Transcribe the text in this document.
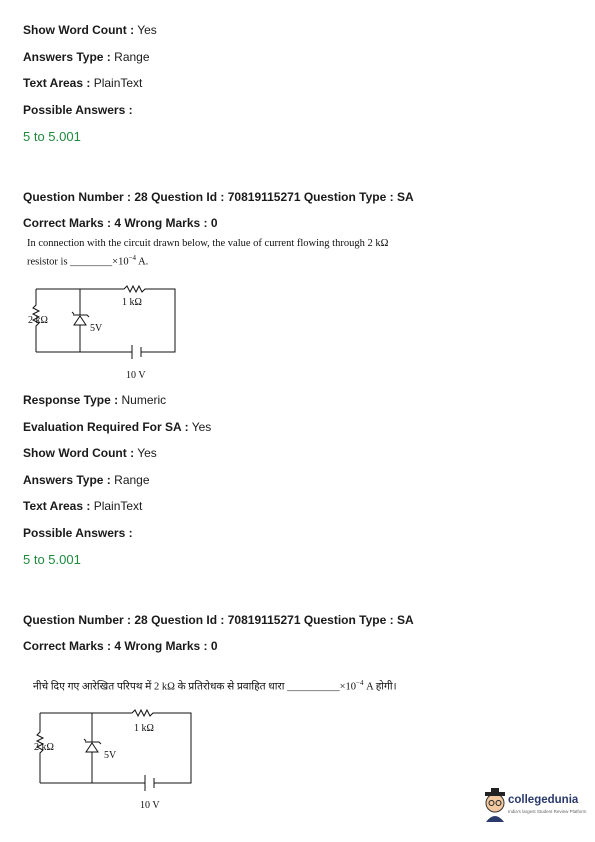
Show Word Count : Yes
Answers Type : Range
Text Areas : PlainText
Possible Answers :
5 to 5.001
Question Number : 28 Question Id : 70819115271 Question Type : SA
Correct Marks : 4 Wrong Marks : 0
In connection with the circuit drawn below, the value of current flowing through 2 kΩ
resistor is $\_\_\_\_\_\_\_\_\times 10^{-4}$ A.
2 kΩ
1 kΩ
5V
10 V
Response Type : Numeric
Evaluation Required For SA : Yes
Show Word Count : Yes
Answers Type : Range
Text Areas : PlainText
Possible Answers :
5 to 5.001
Question Number : 28 Question Id : 70819115271 Question Type : SA
Correct Marks : 4 Wrong Marks : 0
नीचे दिए गए आरेखित परिपथ में 2 kΩ के प्रतिरोधक से प्रवाहित धारा $\_\_\_\_\_\_\_\_\_\_\times 10^{-4}$ A होगी।
2 kΩ
1 kΩ
5V
10 V	collegedunia
India's largest Student Review Platform
